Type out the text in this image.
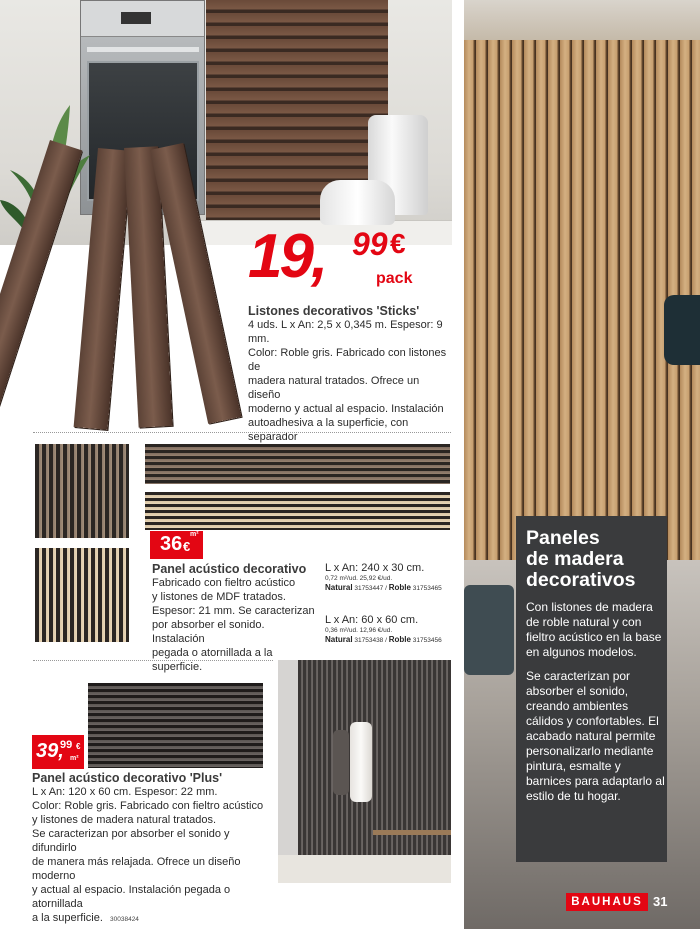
19, 99 €
pack
Listones decorativos 'Sticks'
4 uds. L x An: 2,5 x 0,345 m. Espesor: 9 mm.
Color: Roble gris. Fabricado con listones de
madera natural tratados. Ofrece un diseño
moderno y actual al espacio. Instalación
autoadhesiva a la superficie, con separador
36 €
m²
Panel acústico decorativo
Fabricado con fieltro acústico
y listones de MDF tratados.
Espesor: 21 mm. Se caracterizan
por absorber el sonido. Instalación
pegada o atornillada a la superficie.
L x An: 240 x 30 cm.
0,72 m²/ud. 25,92 €/ud.
Natural 31753447 / Roble 31753465
L x An: 60 x 60 cm.
0,36 m²/ud. 12,96 €/ud.
Natural 31753438 / Roble 31753456
39,
99 €
m²
Panel acústico decorativo 'Plus'
L x An: 120 x 60 cm. Espesor: 22 mm.
Color: Roble gris. Fabricado con fieltro acústico
y listones de madera natural tratados.
Se caracterizan por absorber el sonido y difundirlo
de manera más relajada. Ofrece un diseño moderno
y actual al espacio. Instalación pegada o atornillada
a la superficie. 30038424
Paneles
de madera
decorativos
Con listones de madera de roble natural y con fieltro acústico en la base en algunos modelos.
Se caracterizan por absorber el sonido, creando ambientes cálidos y confortables. El acabado natural permite personalizarlo mediante pintura, esmalte y barnices para adaptarlo al estilo de tu hogar.
BAUHAUS 31
